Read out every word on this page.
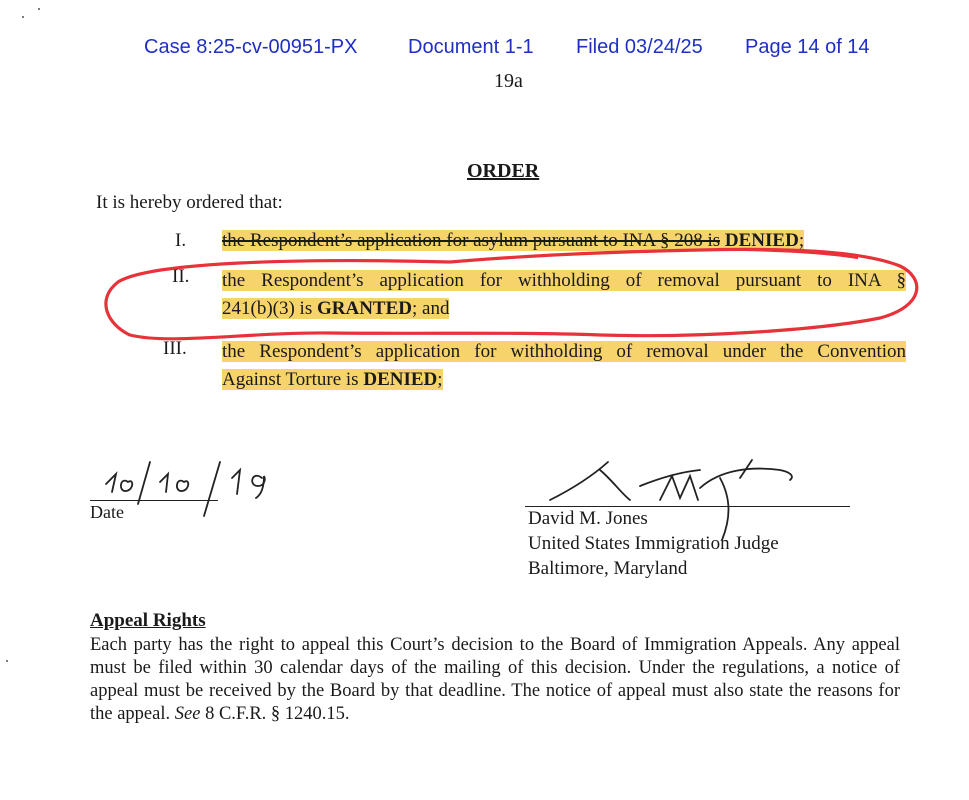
Case 8:25-cv-00951-PX	Document 1-1 Filed 03/24/25 Page 14 of 14
19a
ORDER
It is hereby ordered that:
I. the Respondent’s application for asylum pursuant to INA § 208 is DENIED;
II. the Respondent’s application for withholding of removal pursuant to INA §
241(b)(3) is GRANTED; and
III. the Respondent’s application for withholding of removal under the Convention
Against Torture is DENIED;
Date	David M. Jones
United States Immigration Judge
Baltimore, Maryland
Appeal Rights
Each party has the right to appeal this Court’s decision to the Board of Immigration Appeals. Any appeal must be filed within 30 calendar days of the mailing of this decision. Under the regulations, a notice of appeal must be received by the Board by that deadline. The notice of appeal must also state the reasons for the appeal. See 8 C.F.R. § 1240.15.
